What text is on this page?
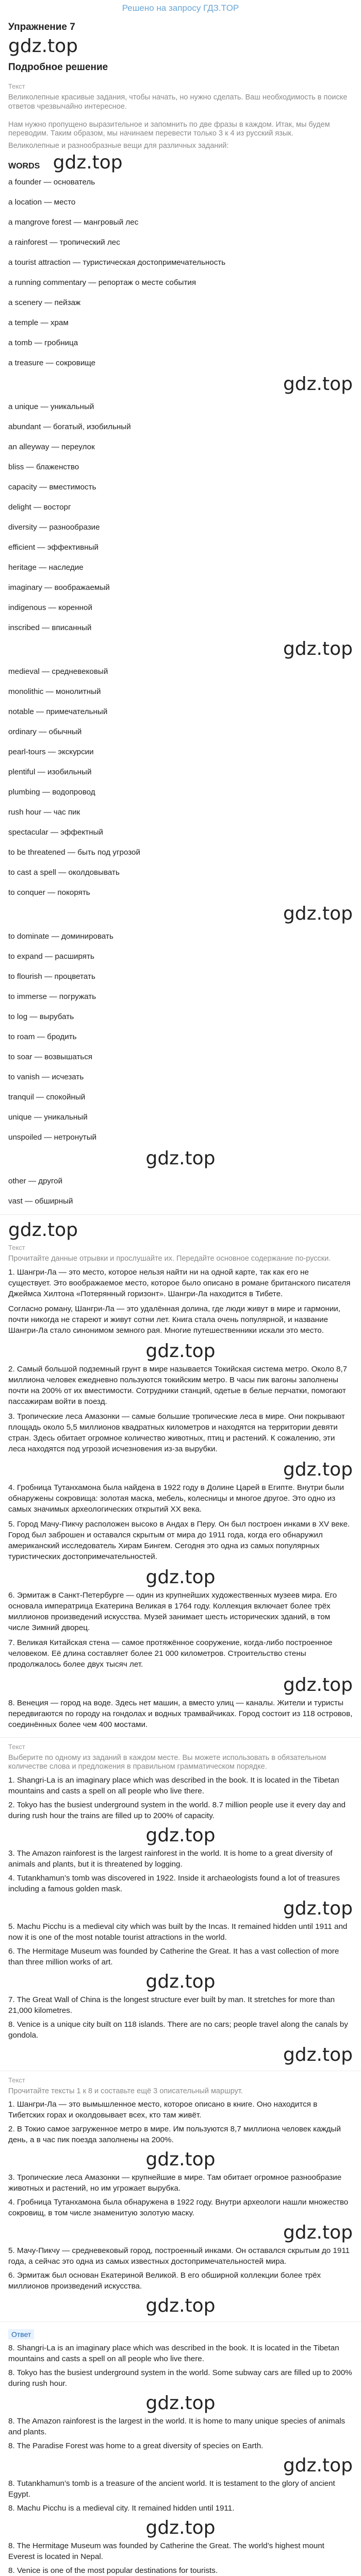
Решено на запросу ГДЗ.TOP
Упражнение 7
gdz.top
Подробное решение
Текст
Великолепные красивые задания, чтобы начать, но нужно сделать. Ваш необходимость в поиске ответов чрезвычайно интересное.

Нам нужно пропущено выразительное и запомнить по две фразы в каждом. Итак, мы будем переводим. Таким образом, мы начинаем перевести только 3 к 4 из русский язык.
Великолепные и разнообразные вещи для различных заданий:
WORDS gdz.top
a founder — основатель
a location — место
a mangrove forest — мангровый лес
a rainforest — тропический лес
a tourist attraction — туристическая достопримечательность
a running commentary — репортаж о месте события
a scenery — пейзаж
a temple — храм
a tomb — гробница
a treasure — сокровище
gdz.top
a unique — уникальный
abundant — богатый, изобильный
an alleyway — переулок
bliss — блаженство
capacity — вместимость
delight — восторг
diversity — разнообразие
efficient — эффективный
heritage — наследие
imaginary — воображаемый
indigenous — коренной
inscribed — вписанный
gdz.top
medieval — средневековый
monolithic — монолитный
notable — примечательный
ordinary — обычный
pearl-tours — экскурсии
plentiful — изобильный
plumbing — водопровод
rush hour — час пик
spectacular — эффектный
to be threatened — быть под угрозой
to cast a spell — околдовывать
to conquer — покорять
gdz.top
to dominate — доминировать
to expand — расширять
to flourish — процветать
to immerse — погружать
to log — вырубать
to roam — бродить
to soar — возвышаться
to vanish — исчезать
tranquil — спокойный
unique — уникальный
unspoiled — нетронутый
gdz.top
other — другой
vast — обширный
gdz.top
Текст
Прочитайте данные отрывки и прослушайте их. Передайте основное содержание по-русски.

1. Шангри-Ла — это место, которое нельзя найти ни на одной карте, так как его не существует. Это воображаемое место, которое было описано в романе британского писателя Джеймса Хилтона «Потерянный горизонт». Шангри-Ла находится в Тибете.

Согласно роману, Шангри-Ла — это удалённая долина, где люди живут в мире и гармонии, почти никогда не стареют и живут сотни лет. Книга стала очень популярной, и название Шангри-Ла стало синонимом земного рая. Многие путешественники искали это место.

gdz.top

2. Самый большой подземный грунт в мире называется Токийская система метро. Около 8,7 миллиона человек ежедневно пользуются токийским метро. В часы пик вагоны заполнены почти на 200% от их вместимости. Сотрудники станций, одетые в белые перчатки, помогают пассажирам войти в поезд.

3. Тропические леса Амазонки — самые большие тропические леса в мире. Они покрывают площадь около 5,5 миллионов квадратных километров и находятся на территории девяти стран. Здесь обитает огромное количество животных, птиц и растений. К сожалению, эти леса находятся под угрозой исчезновения из-за вырубки.

gdz.top

4. Гробница Тутанхамона была найдена в 1922 году в Долине Царей в Египте. Внутри были обнаружены сокровища: золотая маска, мебель, колесницы и многое другое. Это одно из самых значимых археологических открытий XX века.

5. Город Мачу-Пикчу расположен высоко в Андах в Перу. Он был построен инками в XV веке. Город был заброшен и оставался скрытым от мира до 1911 года, когда его обнаружил американский исследователь Хирам Бингем. Сегодня это одна из самых популярных туристических достопримечательностей.

gdz.top

6. Эрмитаж в Санкт-Петербурге — один из крупнейших художественных музеев мира. Его основала императрица Екатерина Великая в 1764 году. Коллекция включает более трёх миллионов произведений искусства. Музей занимает шесть исторических зданий, в том числе Зимний дворец.

7. Великая Китайская стена — самое протяжённое сооружение, когда-либо построенное человеком. Её длина составляет более 21 000 километров. Строительство стены продолжалось более двух тысяч лет.

gdz.top

8. Венеция — город на воде. Здесь нет машин, а вместо улиц — каналы. Жители и туристы передвигаются по городу на гондолах и водных трамвайчиках. Город состоит из 118 островов, соединённых более чем 400 мостами.

Текст
Выберите по одному из заданий в каждом месте. Вы можете использовать в обязательном количестве слова и предложения в правильном грамматическом порядке.

1. Shangri-La is an imaginary place which was described in the book. It is located in the Tibetan mountains and casts a spell on all people who live there.

2. Tokyo has the busiest underground system in the world. 8.7 million people use it every day and during rush hour the trains are filled up to 200% of capacity.

gdz.top

3. The Amazon rainforest is the largest rainforest in the world. It is home to a great diversity of animals and plants, but it is threatened by logging.

4. Tutankhamun’s tomb was discovered in 1922. Inside it archaeologists found a lot of treasures including a famous golden mask.

gdz.top

5. Machu Picchu is a medieval city which was built by the Incas. It remained hidden until 1911 and now it is one of the most notable tourist attractions in the world.

6. The Hermitage Museum was founded by Catherine the Great. It has a vast collection of more than three million works of art.

gdz.top

7. The Great Wall of China is the longest structure ever built by man. It stretches for more than 21,000 kilometres.

8. Venice is a unique city built on 118 islands. There are no cars; people travel along the canals by gondola.

gdz.top
Текст
Прочитайте тексты 1 к 8 и составьте ещё 3 описательный маршрут.

1. Шангри-Ла — это вымышленное место, которое описано в книге. Оно находится в Тибетских горах и околдовывает всех, кто там живёт.

2. В Токио самое загруженное метро в мире. Им пользуются 8,7 миллиона человек каждый день, а в час пик поезда заполнены на 200%.

gdz.top

3. Тропические леса Амазонки — крупнейшие в мире. Там обитает огромное разнообразие животных и растений, но им угрожает вырубка.

4. Гробница Тутанхамона была обнаружена в 1922 году. Внутри археологи нашли множество сокровищ, в том числе знаменитую золотую маску.

gdz.top

5. Мачу-Пикчу — средневековый город, построенный инками. Он оставался скрытым до 1911 года, а сейчас это одна из самых известных достопримечательностей мира.

6. Эрмитаж был основан Екатериной Великой. В его обширной коллекции более трёх миллионов произведений искусства.

gdz.top
Ответ

8. Shangri-La is an imaginary place which was described in the book. It is located in the Tibetan mountains and casts a spell on all people who live there.

8. Tokyo has the busiest underground system in the world. Some subway cars are filled up to 200% during rush hour.

gdz.top

8. The Amazon rainforest is the largest in the world. It is home to many unique species of animals and plants.

8. The Paradise Forest was home to a great diversity of species on Earth.

gdz.top

8. Tutankhamun’s tomb is a treasure of the ancient world. It is testament to the glory of ancient Egypt.

8. Machu Picchu is a medieval city. It remained hidden until 1911.

gdz.top

8. The Hermitage Museum was founded by Catherine the Great. The world’s highest mount Everest is located in Nepal.

8. Venice is one of the most popular destinations for tourists.
